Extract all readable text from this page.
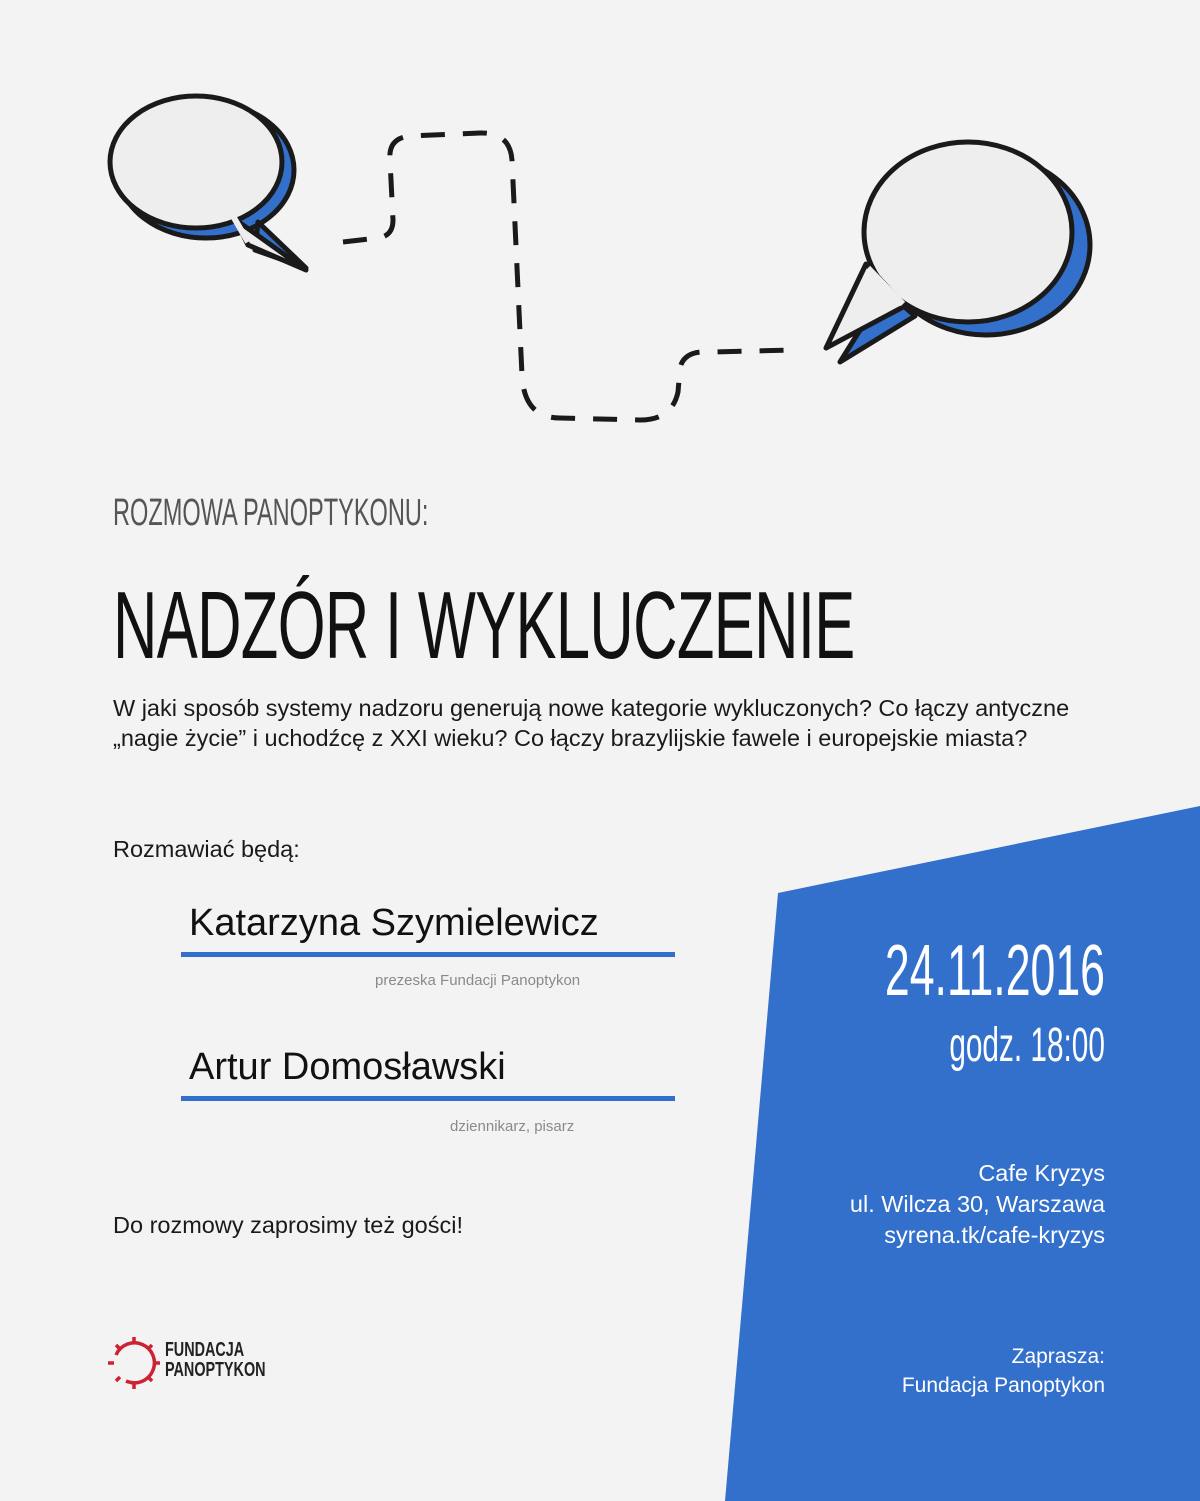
ROZMOWA PANOPTYKONU:
NADZÓR I WYKLUCZENIE

W jaki sposób systemy nadzoru generują nowe kategorie wykluczonych? Co łączy antyczne „nagie życie” i uchodźcę z XXI wieku? Co łączy brazylijskie fawele i europejskie miasta?

Rozmawiać będą:
Katarzyna Szymielewicz
prezeska Fundacji Panoptykon
Artur Domosławski
dziennikarz, pisarz
Do rozmowy zaprosimy też gości!
FUNDACJA
PANOPTYKON
24.11.2016
godz. 18:00
Cafe Kryzys
ul. Wilcza 30, Warszawa
syrena.tk/cafe-kryzys
Zaprasza:
Fundacja Panoptykon
